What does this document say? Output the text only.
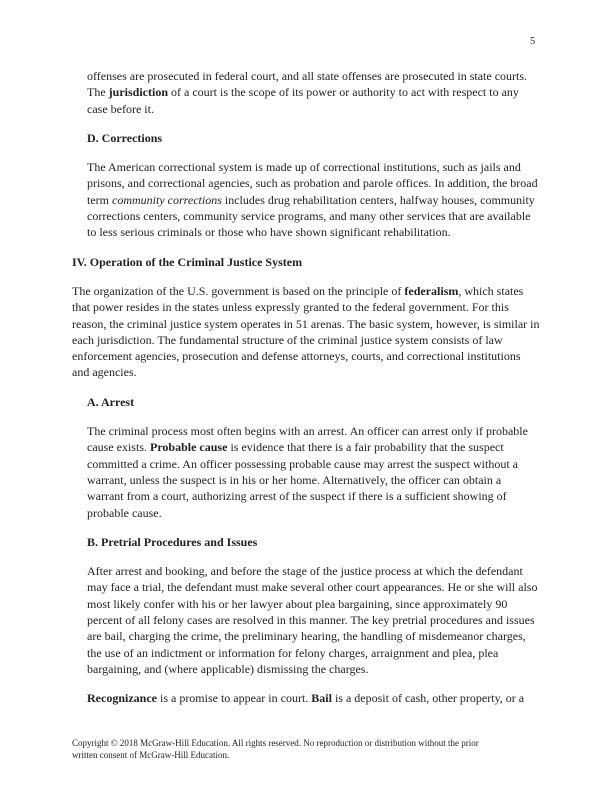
5

offenses are prosecuted in federal court, and all state offenses are prosecuted in state courts. The jurisdiction of a court is the scope of its power or authority to act with respect to any case before it.

D. Corrections

The American correctional system is made up of correctional institutions, such as jails and prisons, and correctional agencies, such as probation and parole offices. In addition, the broad term community corrections includes drug rehabilitation centers, halfway houses, community corrections centers, community service programs, and many other services that are available to less serious criminals or those who have shown significant rehabilitation.

IV. Operation of the Criminal Justice System

The organization of the U.S. government is based on the principle of federalism, which states that power resides in the states unless expressly granted to the federal government. For this reason, the criminal justice system operates in 51 arenas. The basic system, however, is similar in each jurisdiction. The fundamental structure of the criminal justice system consists of law enforcement agencies, prosecution and defense attorneys, courts, and correctional institutions and agencies.

A. Arrest

The criminal process most often begins with an arrest. An officer can arrest only if probable cause exists. Probable cause is evidence that there is a fair probability that the suspect committed a crime. An officer possessing probable cause may arrest the suspect without a warrant, unless the suspect is in his or her home. Alternatively, the officer can obtain a warrant from a court, authorizing arrest of the suspect if there is a sufficient showing of probable cause.

B. Pretrial Procedures and Issues

After arrest and booking, and before the stage of the justice process at which the defendant may face a trial, the defendant must make several other court appearances. He or she will also most likely confer with his or her lawyer about plea bargaining, since approximately 90 percent of all felony cases are resolved in this manner. The key pretrial procedures and issues are bail, charging the crime, the preliminary hearing, the handling of misdemeanor charges, the use of an indictment or information for felony charges, arraignment and plea, plea bargaining, and (where applicable) dismissing the charges.

Recognizance is a promise to appear in court. Bail is a deposit of cash, other property, or a

Copyright © 2018 McGraw-Hill Education. All rights reserved. No reproduction or distribution without the prior
written consent of McGraw-Hill Education.
